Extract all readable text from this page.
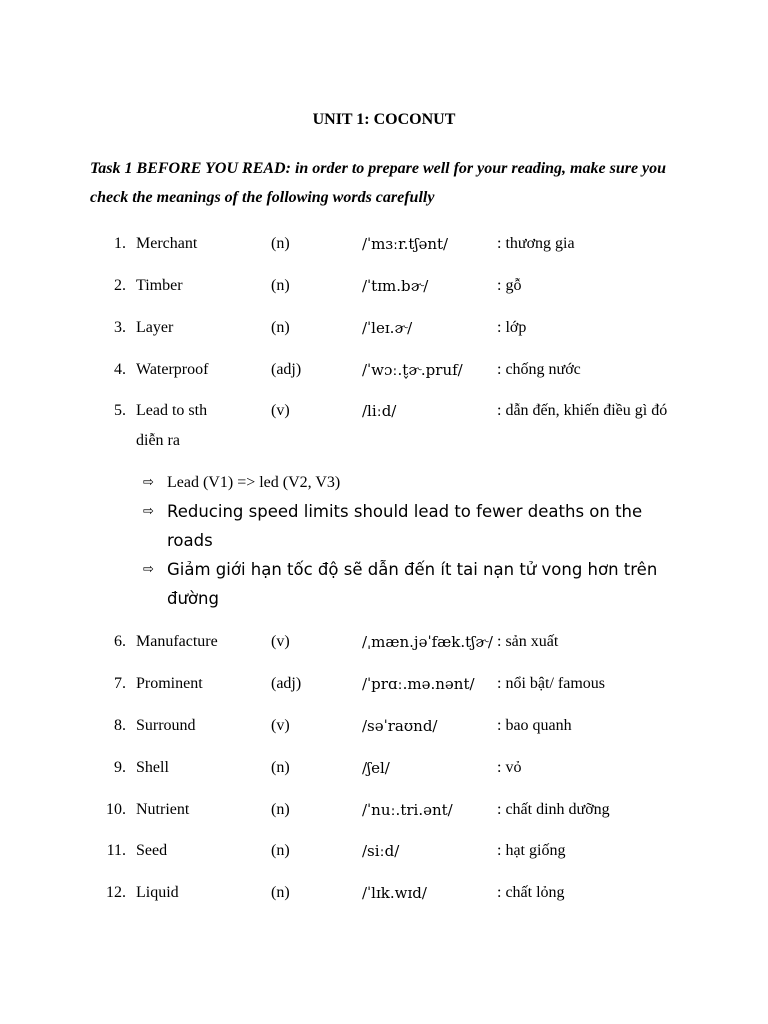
UNIT 1: COCONUT
Task 1 BEFORE YOU READ: in order to prepare well for your reading, make sure you check the meanings of the following words carefully
1. Merchant	(n)	/ˈmɜːr.tʃənt/	: thương gia
2. Timber	(n)	/ˈtɪm.bɚ/	: gỗ
3. Layer	(n)	/ˈleɪ.ɚ/	: lớp
4. Waterproof	(adj)	/ˈwɔː.t̬ɚ.pruf/ : chống nước
5. Lead to sth	(v)	/liːd/	: dẫn đến, khiến điều gì đó
diễn ra
⇨ Lead (V1) => led (V2, V3)
⇨ Reducing speed limits should lead to fewer deaths on the roads
⇨ Giảm giới hạn tốc độ sẽ dẫn đến ít tai nạn tử vong hơn trên đường
6. Manufacture	(v)	/ˌmæn.jəˈfæk.tʃɚ/ : sản xuất
7. Prominent	(adj)	/ˈprɑː.mə.nənt/ : nổi bật/ famous
8. Surround	(v)	/səˈraʊnd/	: bao quanh
9. Shell	(n)	/ʃel/	: vỏ
10. Nutrient	(n)	/ˈnuː.tri.ənt/	: chất dinh dưỡng
11. Seed	(n)	/siːd/	: hạt giống
12. Liquid	(n)	/ˈlɪk.wɪd/	: chất lỏng
